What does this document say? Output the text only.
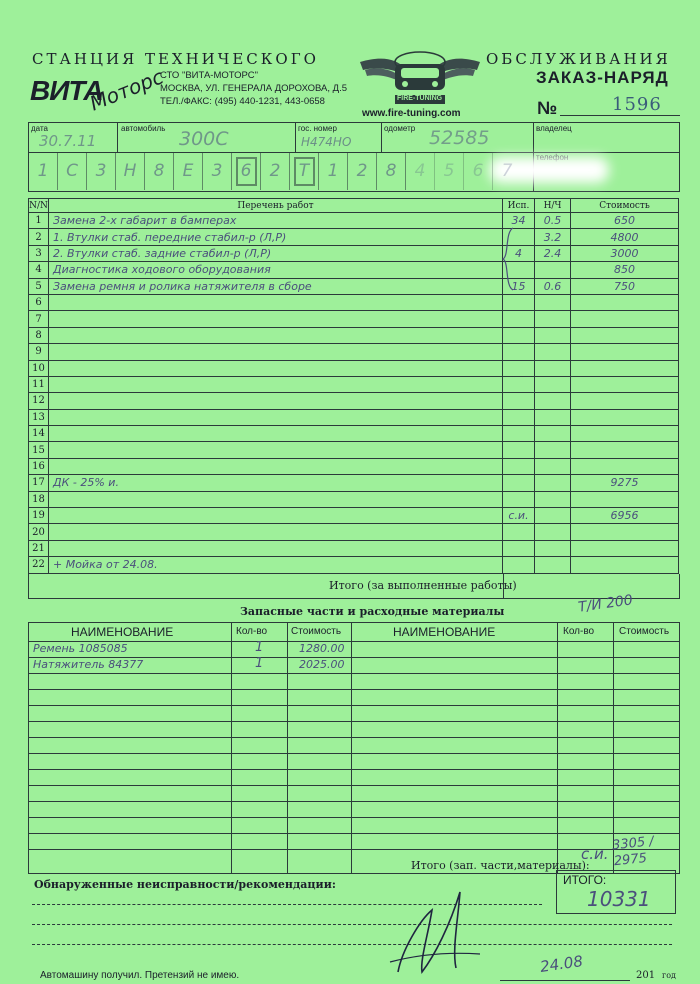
СТАНЦИЯ ТЕХНИЧЕСКОГО	ОБСЛУЖИВАНИЯ
ЗАКАЗ-НАРЯД
ВИТА
Моторс
СТО "ВИТА-МОТОРС"
МОСКВА, УЛ. ГЕНЕРАЛА ДОРОХОВА, Д.5
ТЕЛ./ФАКС: (495) 440-1231, 443-0658	FIRE-TUNING
www.fire-tuning.com	№	1596
дата
30.7.11
автомобиль 300С	гос. номер
Н474НО
одометр 52585	владелец
1	С	3	Н	8	Е	3	6	2	Т	1	2	8	4	5	6	7
N/N	Перечень работ	Исп.	Н/Ч	Стоимость
1	Замена 2-х габарит в бамперах	34	0.5	650
2	1. Втулки стаб. передние стабил-р (Л,Р)		3.2	4800
3	2. Втулки стаб. задние стабил-р (Л,Р)	4	2.4	3000
4	Диагностика ходового оборудования			850
5	Замена ремня и ролика натяжителя в сборе	15	0.6	750
6				
7				
8				
9				
10				
11				
12				
13				
14				
15				
16				
17	ДК - 25% и.			9275
18				
19		с.и.		6956
20				
21				
22	+ Мойка от 24.08.			
Итого (за выполненные работы)
Т/И 200
Запасные части и расходные материалы
НАИМЕНОВАНИЕ	Кол-во Стоимость	НАИМЕНОВАНИЕ	Кол-во Стоимость
Ремень 1085085	1	1280.00
Натяжитель 84377	1	2025.00
Итого (зап. части,материалы):
с.и.
3305 / 2975
Обнаруженные неисправности/рекомендации:	ИТОГО:
10331
Автомашину получил. Претензий не имею.	24.08	201 год
